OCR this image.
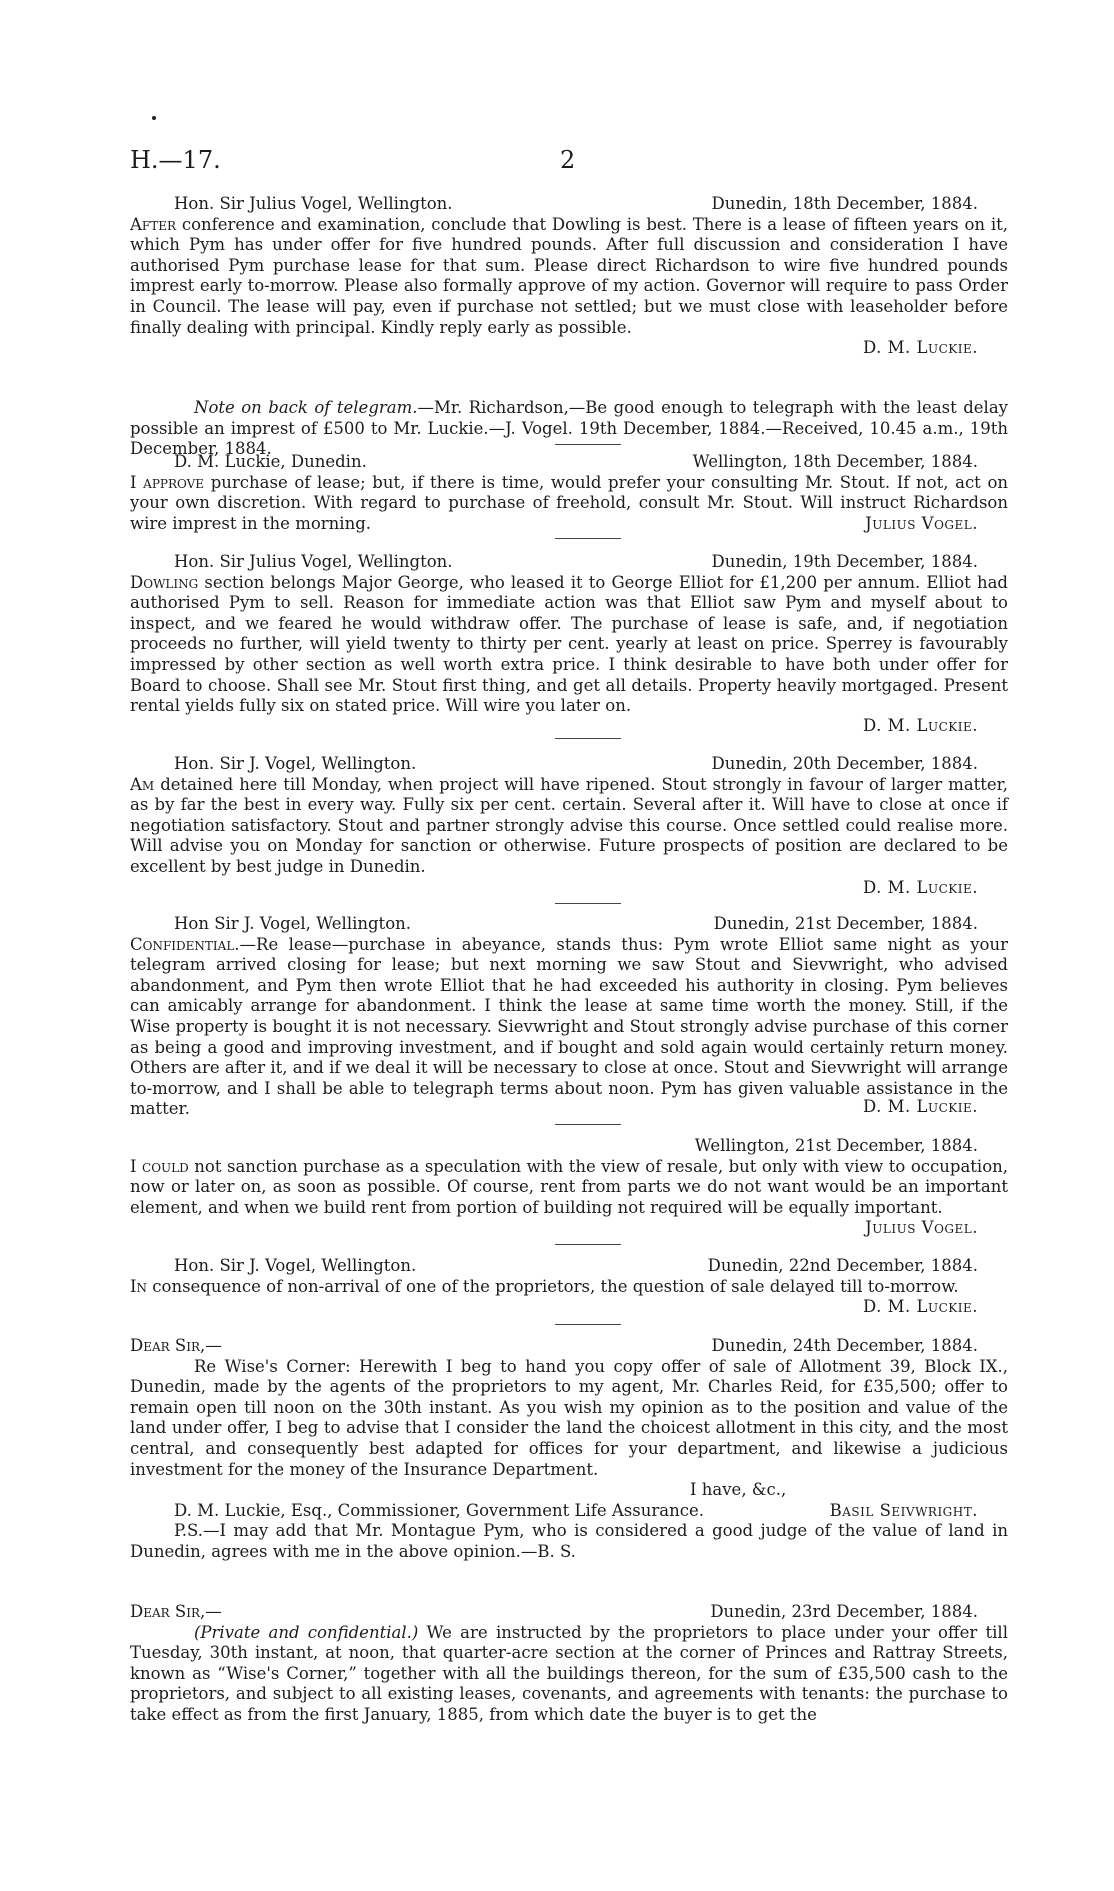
H.—17.	2
Hon. Sir Julius Vogel, Wellington.	Dunedin, 18th December, 1884.
After conference and examination, conclude that Dowling is best. There is a lease of fifteen years on it, which Pym has under offer for five hundred pounds. After full discussion and consideration I have authorised Pym purchase lease for that sum. Please direct Richardson to wire five hundred pounds imprest early to-morrow. Please also formally approve of my action. Governor will require to pass Order in Council. The lease will pay, even if purchase not settled; but we must close with leaseholder before finally dealing with principal. Kindly reply early as possible.
D. M. Luckie.
Note on back of telegram.—Mr. Richardson,—Be good enough to telegraph with the least delay possible an imprest of £500 to Mr. Luckie.—J. Vogel. 19th December, 1884.—Received, 10.45 a.m., 19th December, 1884.
D. M. Luckie, Dunedin.	Wellington, 18th December, 1884.
I approve purchase of lease; but, if there is time, would prefer your consulting Mr. Stout. If not, act on your own discretion. With regard to purchase of freehold, consult Mr. Stout. Will instruct Richardson wire imprest in the morning.	Julius Vogel.
Hon. Sir Julius Vogel, Wellington.	Dunedin, 19th December, 1884.
Dowling section belongs Major George, who leased it to George Elliot for £1,200 per annum. Elliot had authorised Pym to sell. Reason for immediate action was that Elliot saw Pym and myself about to inspect, and we feared he would withdraw offer. The purchase of lease is safe, and, if negotiation proceeds no further, will yield twenty to thirty per cent. yearly at least on price. Sperrey is favourably impressed by other section as well worth extra price. I think desirable to have both under offer for Board to choose. Shall see Mr. Stout first thing, and get all details. Property heavily mortgaged. Present rental yields fully six on stated price. Will wire you later on.
D. M. Luckie.
Hon. Sir J. Vogel, Wellington.	Dunedin, 20th December, 1884.
Am detained here till Monday, when project will have ripened. Stout strongly in favour of larger matter, as by far the best in every way. Fully six per cent. certain. Several after it. Will have to close at once if negotiation satisfactory. Stout and partner strongly advise this course. Once settled could realise more. Will advise you on Monday for sanction or otherwise. Future prospects of position are declared to be excellent by best judge in Dunedin.
D. M. Luckie.
Hon Sir J. Vogel, Wellington.	Dunedin, 21st December, 1884.
Confidential.—Re lease—purchase in abeyance, stands thus: Pym wrote Elliot same night as your telegram arrived closing for lease; but next morning we saw Stout and Sievwright, who advised abandonment, and Pym then wrote Elliot that he had exceeded his authority in closing. Pym believes can amicably arrange for abandonment. I think the lease at same time worth the money. Still, if the Wise property is bought it is not necessary. Sievwright and Stout strongly advise purchase of this corner as being a good and improving investment, and if bought and sold again would certainly return money. Others are after it, and if we deal it will be necessary to close at once. Stout and Sievwright will arrange to-morrow, and I shall be able to telegraph terms about noon. Pym has given valuable assistance in the matter.	D. M. Luckie.
Wellington, 21st December, 1884.
I could not sanction purchase as a speculation with the view of resale, but only with view to occupation, now or later on, as soon as possible. Of course, rent from parts we do not want would be an important element, and when we build rent from portion of building not required will be equally important.
Julius Vogel.
Hon. Sir J. Vogel, Wellington.	Dunedin, 22nd December, 1884.
In consequence of non-arrival of one of the proprietors, the question of sale delayed till to-morrow.
D. M. Luckie.
Dear Sir,—	Dunedin, 24th December, 1884.
Re Wise's Corner: Herewith I beg to hand you copy offer of sale of Allotment 39, Block IX., Dunedin, made by the agents of the proprietors to my agent, Mr. Charles Reid, for £35,500; offer to remain open till noon on the 30th instant. As you wish my opinion as to the position and value of the land under offer, I beg to advise that I consider the land the choicest allotment in this city, and the most central, and consequently best adapted for offices for your department, and likewise a judicious investment for the money of the Insurance Department.
I have, &c.,
D. M. Luckie, Esq., Commissioner, Government Life Assurance.	Basil Seivwright.
P.S.—I may add that Mr. Montague Pym, who is considered a good judge of the value of land in Dunedin, agrees with me in the above opinion.—B. S.
Dear Sir,—	Dunedin, 23rd December, 1884.
(Private and confidential.) We are instructed by the proprietors to place under your offer till Tuesday, 30th instant, at noon, that quarter-acre section at the corner of Princes and Rattray Streets, known as “Wise's Corner,” together with all the buildings thereon, for the sum of £35,500 cash to the proprietors, and subject to all existing leases, covenants, and agreements with tenants: the purchase to take effect as from the first January, 1885, from which date the buyer is to get the
